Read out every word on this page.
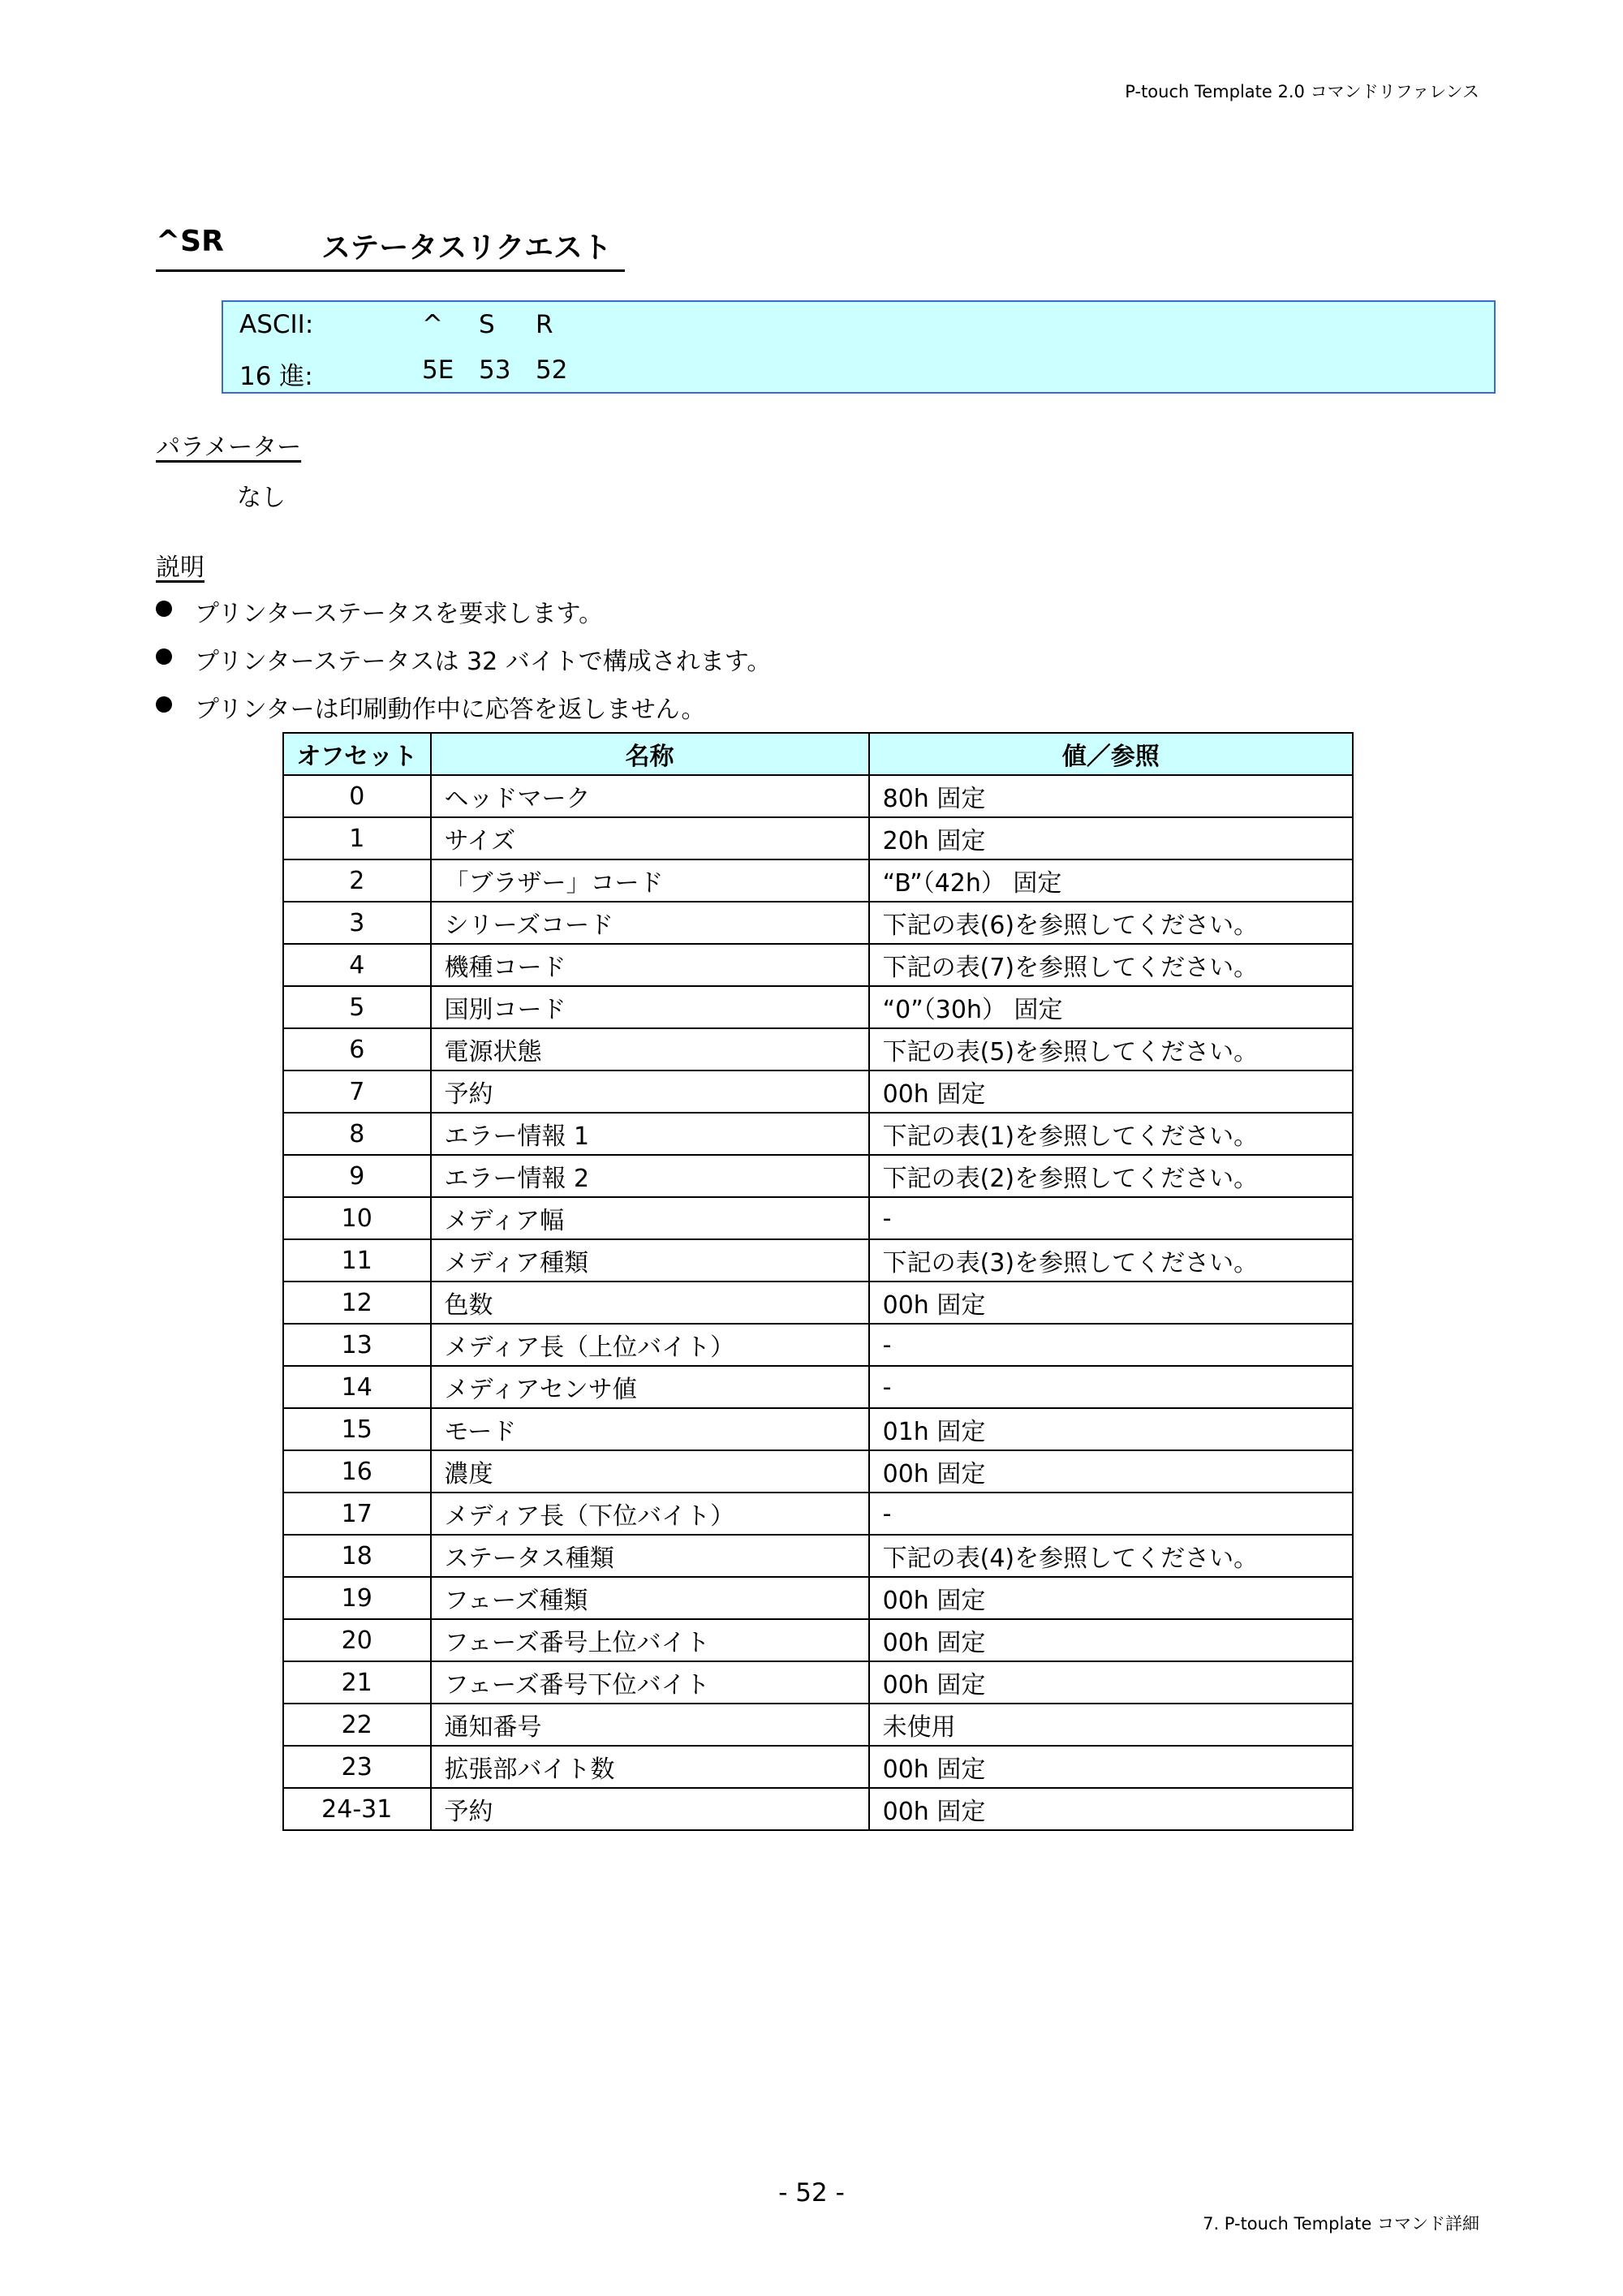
P-touch Template 2.0 コマンドリファレンス
^SR	ステータスリクエスト
ASCII:	^	S	R
16 進:	5E 53 52
パラメーター
なし
説明
プリンターステータスを要求します。
プリンターステータスは 32 バイトで構成されます。
プリンターは印刷動作中に応答を返しません。
オフセット	名称	値／参照
0	ヘッドマーク	80h 固定
1	サイズ	20h 固定
2	「ブラザー」コード	“B”（42h） 固定
3	シリーズコード	下記の表(6)を参照してください。
4	機種コード	下記の表(7)を参照してください。
5	国別コード	“0”（30h） 固定
6	電源状態	下記の表(5)を参照してください。
7	予約	00h 固定
8	エラー情報 1	下記の表(1)を参照してください。
9	エラー情報 2	下記の表(2)を参照してください。
10	メディア幅	-
11	メディア種類	下記の表(3)を参照してください。
12	色数	00h 固定
13	メディア長（上位バイト）	-
14	メディアセンサ値	-
15	モード	01h 固定
16	濃度	00h 固定
17	メディア長（下位バイト）	-
18	ステータス種類	下記の表(4)を参照してください。
19	フェーズ種類	00h 固定
20	フェーズ番号上位バイト	00h 固定
21	フェーズ番号下位バイト	00h 固定
22	通知番号	未使用
23	拡張部バイト数	00h 固定
24-31	予約	00h 固定
- 52 -
7. P-touch Template コマンド詳細
